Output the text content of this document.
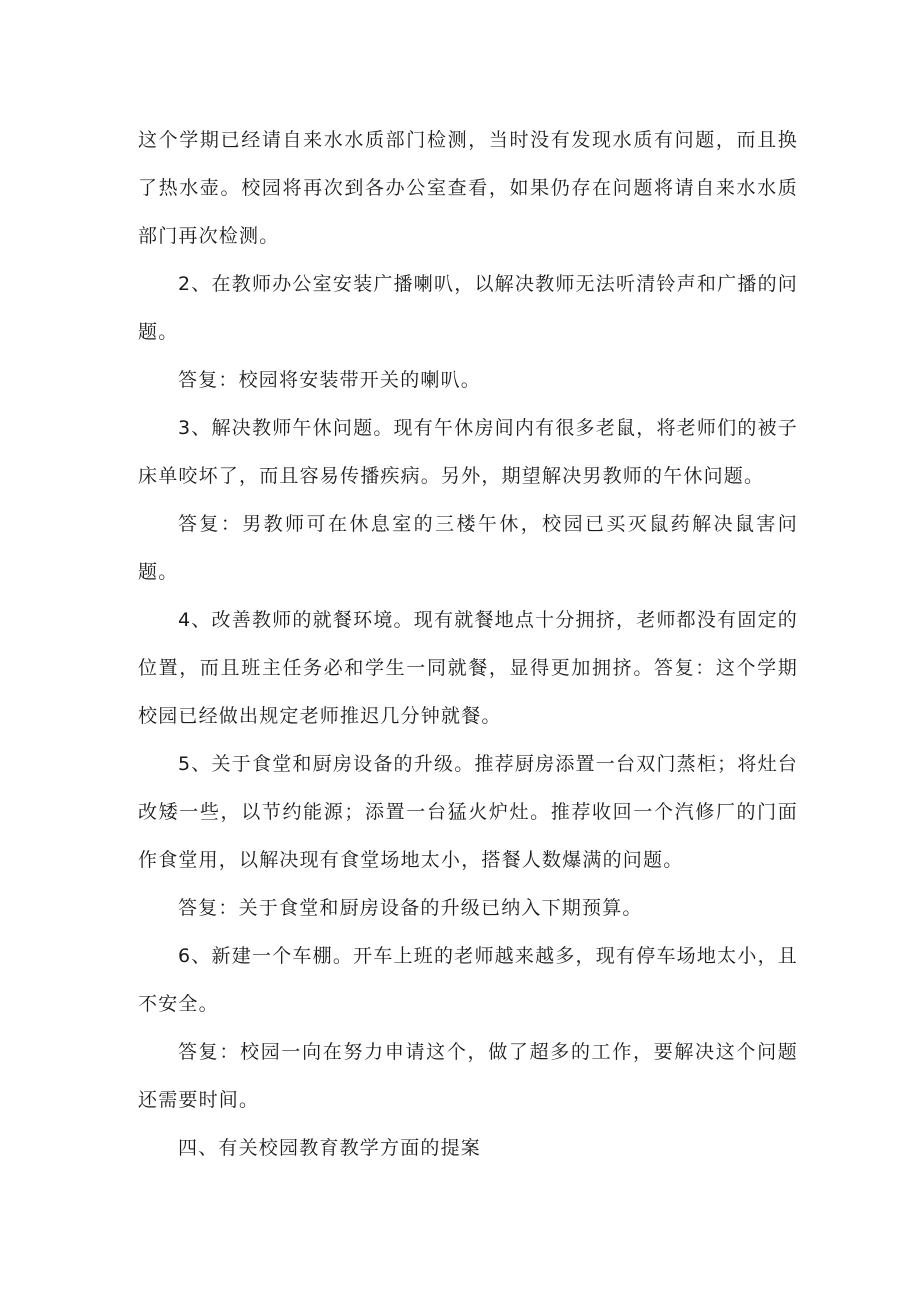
这个学期已经请自来水水质部门检测，当时没有发现水质有问题，而且换了热水壶。校园将再次到各办公室查看，如果仍存在问题将请自来水水质部门再次检测。

2、在教师办公室安装广播喇叭，以解决教师无法听清铃声和广播的问题。

答复：校园将安装带开关的喇叭。

3、解决教师午休问题。现有午休房间内有很多老鼠，将老师们的被子床单咬坏了，而且容易传播疾病。另外，期望解决男教师的午休问题。

答复：男教师可在休息室的三楼午休，校园已买灭鼠药解决鼠害问题。

4、改善教师的就餐环境。现有就餐地点十分拥挤，老师都没有固定的位置，而且班主任务必和学生一同就餐，显得更加拥挤。答复：这个学期校园已经做出规定老师推迟几分钟就餐。

5、关于食堂和厨房设备的升级。推荐厨房添置一台双门蒸柜；将灶台改矮一些，以节约能源；添置一台猛火炉灶。推荐收回一个汽修厂的门面作食堂用，以解决现有食堂场地太小，搭餐人数爆满的问题。

答复：关于食堂和厨房设备的升级已纳入下期预算。

6、新建一个车棚。开车上班的老师越来越多，现有停车场地太小，且不安全。

答复：校园一向在努力申请这个，做了超多的工作，要解决这个问题还需要时间。

四、有关校园教育教学方面的提案
